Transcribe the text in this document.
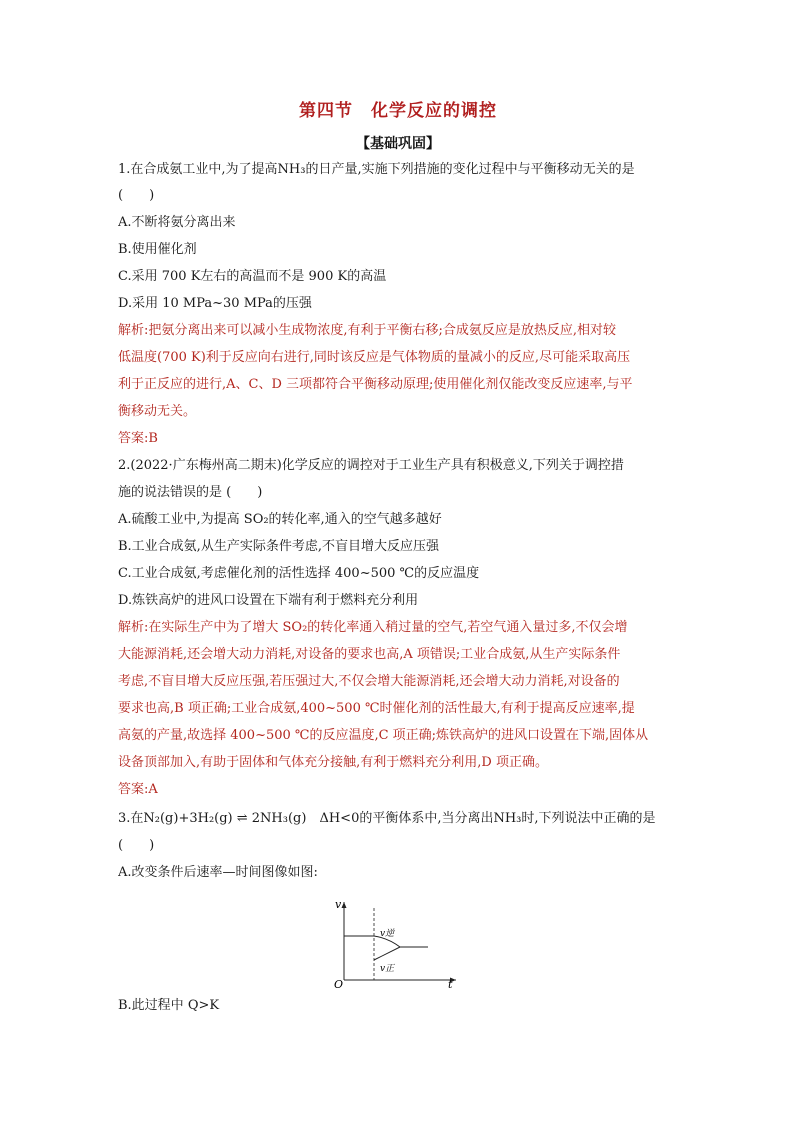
第四节　化学反应的调控
【基础巩固】
1.在合成氨工业中,为了提高NH₃的日产量,实施下列措施的变化过程中与平衡移动无关的是
(　　)
A.不断将氨分离出来
B.使用催化剂
C.采用 700 K左右的高温而不是 900 K的高温
D.采用 10 MPa~30 MPa的压强
解析:把氨分离出来可以减小生成物浓度,有利于平衡右移;合成氨反应是放热反应,相对较
低温度(700 K)利于反应向右进行,同时该反应是气体物质的量减小的反应,尽可能采取高压
利于正反应的进行,A、C、D 三项都符合平衡移动原理;使用催化剂仅能改变反应速率,与平
衡移动无关。
答案:B
2.(2022·广东梅州高二期末)化学反应的调控对于工业生产具有积极意义,下列关于调控措
施的说法错误的是 (　　)
A.硫酸工业中,为提高 SO₂的转化率,通入的空气越多越好
B.工业合成氨,从生产实际条件考虑,不盲目增大反应压强
C.工业合成氨,考虑催化剂的活性选择 400~500 ℃的反应温度
D.炼铁高炉的进风口设置在下端有利于燃料充分利用
解析:在实际生产中为了增大 SO₂的转化率通入稍过量的空气,若空气通入量过多,不仅会增
大能源消耗,还会增大动力消耗,对设备的要求也高,A 项错误;工业合成氨,从生产实际条件
考虑,不盲目增大反应压强,若压强过大,不仅会增大能源消耗,还会增大动力消耗,对设备的
要求也高,B 项正确;工业合成氨,400~500 ℃时催化剂的活性最大,有利于提高反应速率,提
高氨的产量,故选择 400~500 ℃的反应温度,C 项正确;炼铁高炉的进风口设置在下端,固体从
设备顶部加入,有助于固体和气体充分接触,有利于燃料充分利用,D 项正确。
答案:A
3.在N₂(g)+3H₂(g) ⇌ 2NH₃(g)　ΔH<0的平衡体系中,当分离出NH₃时,下列说法中正确的是
(　　)
A.改变条件后速率—时间图像如图:
v
t
O
v逆
v正
B.此过程中 Q>K
